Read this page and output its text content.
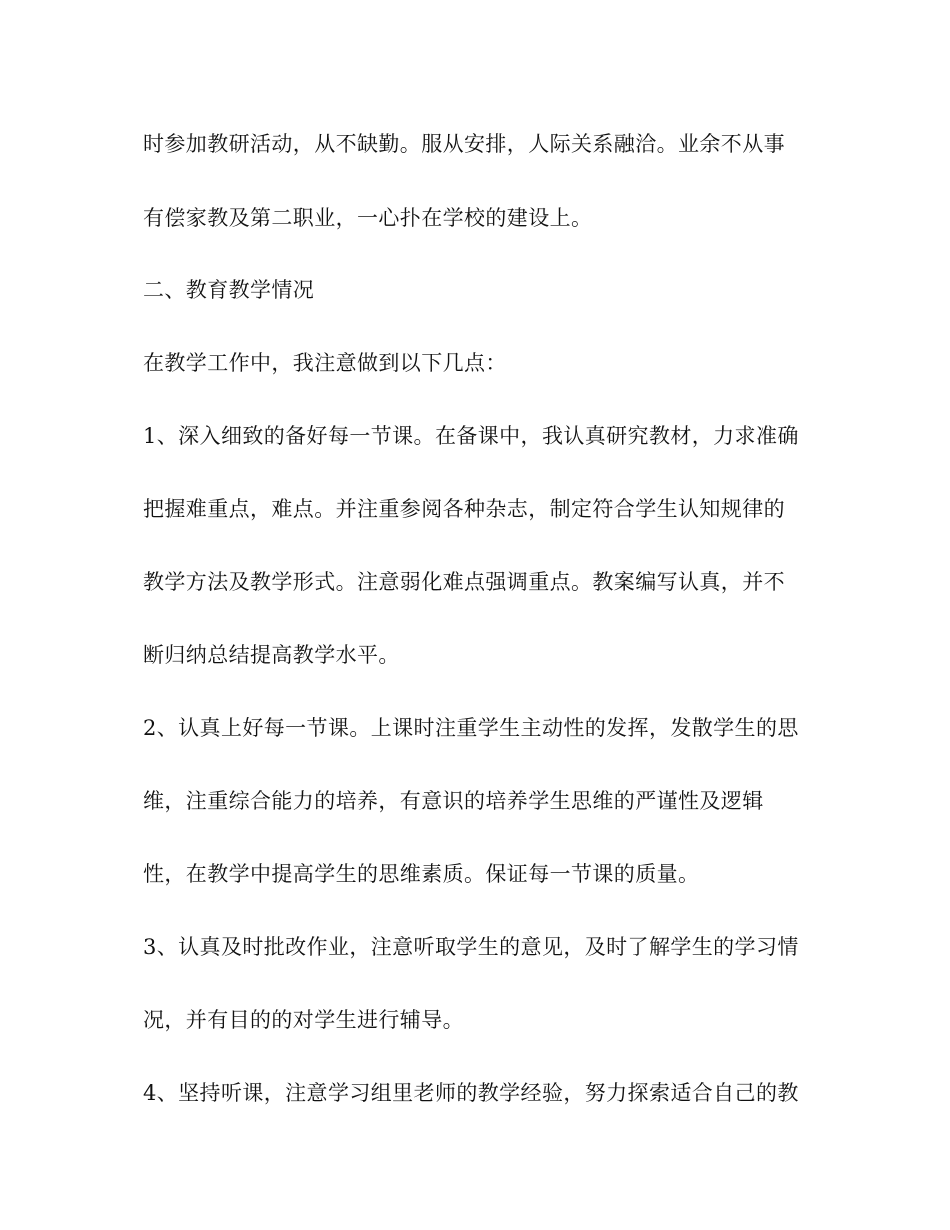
时参加教研活动，从不缺勤。服从安排，人际关系融洽。业余不从事

有偿家教及第二职业，一心扑在学校的建设上。

二、教育教学情况

在教学工作中，我注意做到以下几点：

1、深入细致的备好每一节课。在备课中，我认真研究教材，力求准确

把握难重点，难点。并注重参阅各种杂志，制定符合学生认知规律的

教学方法及教学形式。注意弱化难点强调重点。教案编写认真，并不

断归纳总结提高教学水平。

2、认真上好每一节课。上课时注重学生主动性的发挥，发散学生的思

维，注重综合能力的培养，有意识的培养学生思维的严谨性及逻辑

性，在教学中提高学生的思维素质。保证每一节课的质量。

3、认真及时批改作业，注意听取学生的意见，及时了解学生的学习情

况，并有目的的对学生进行辅导。

4、坚持听课，注意学习组里老师的教学经验，努力探索适合自己的教
